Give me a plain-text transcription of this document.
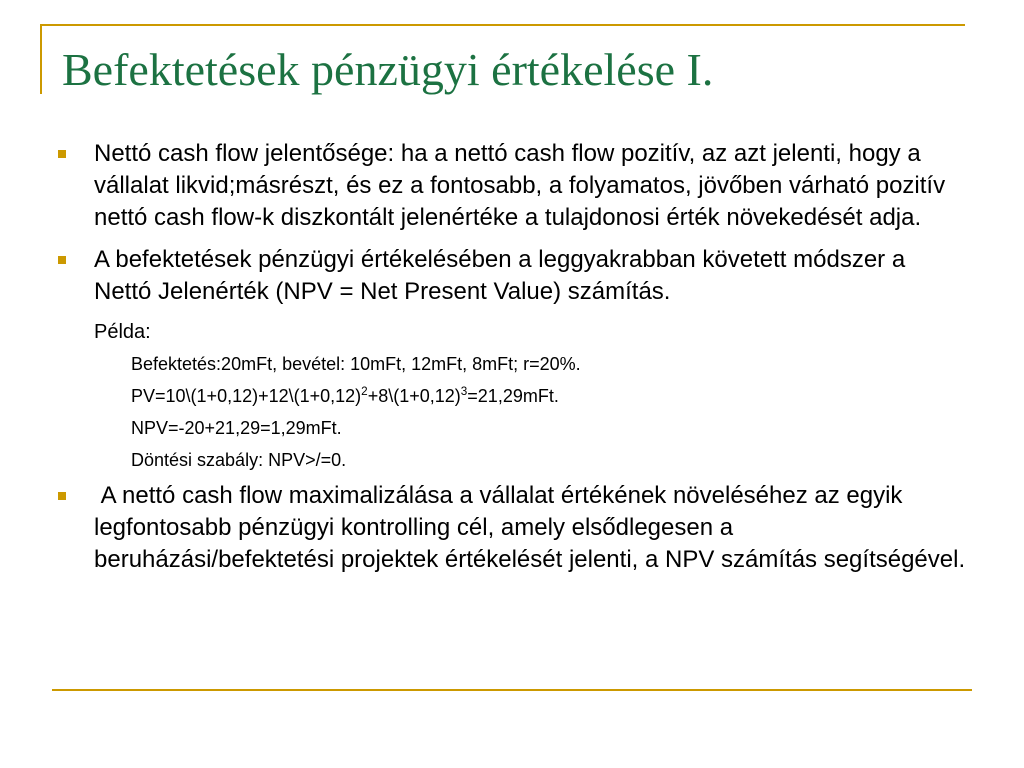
Befektetések pénzügyi értékelése I.
Nettó cash flow jelentősége: ha a nettó cash flow pozitív, az azt jelenti, hogy a vállalat likvid;másrészt, és ez a fontosabb, a folyamatos, jövőben várható pozitív nettó cash flow-k diszkontált jelenértéke a tulajdonosi érték növekedését adja.
A befektetések pénzügyi értékelésében a leggyakrabban követett módszer a Nettó Jelenérték (NPV = Net Present Value) számítás.
Példa:
Befektetés:20mFt, bevétel: 10mFt, 12mFt, 8mFt; r=20%.
$PV=10\backslash(1+0,12)+12\backslash(1+0,12)^2+8\backslash(1+0,12)^3=21,29mFt$.
NPV=-20+21,29=1,29mFt.
Döntési szabály: NPV>/=0.
A nettó cash flow maximalizálása a vállalat értékének növeléséhez az egyik legfontosabb pénzügyi kontrolling cél, amely elsődlegesen a beruházási/befektetési projektek értékelését jelenti, a NPV számítás segítségével.
